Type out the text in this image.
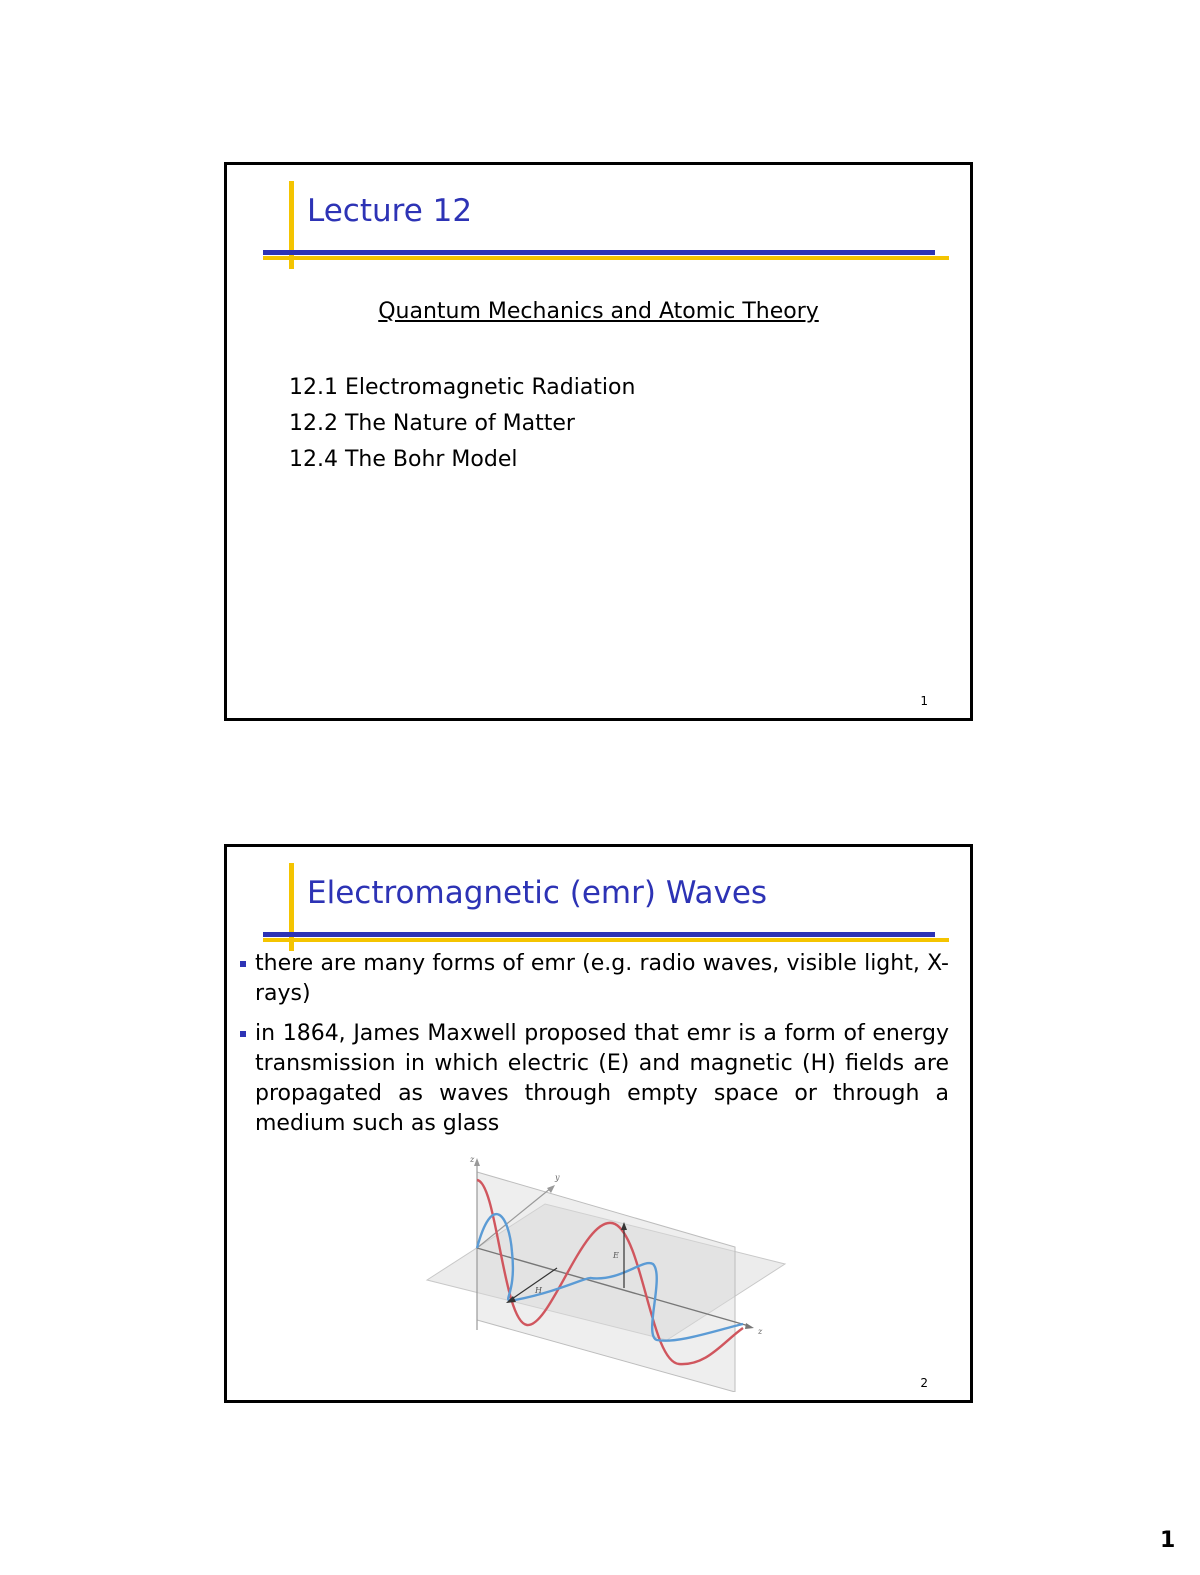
Lecture 12
Quantum Mechanics and Atomic Theory
12.1 Electromagnetic Radiation
12.2 The Nature of Matter
12.4 The Bohr Model
1
Electromagnetic (emr) Waves
there are many forms of emr (e.g. radio waves, visible light, X-rays)
in 1864, James Maxwell proposed that emr is a form of energy transmission in which electric (E) and magnetic (H) fields are propagated as waves through empty space or through a medium such as glass
z
y
E
H
z
2
1
